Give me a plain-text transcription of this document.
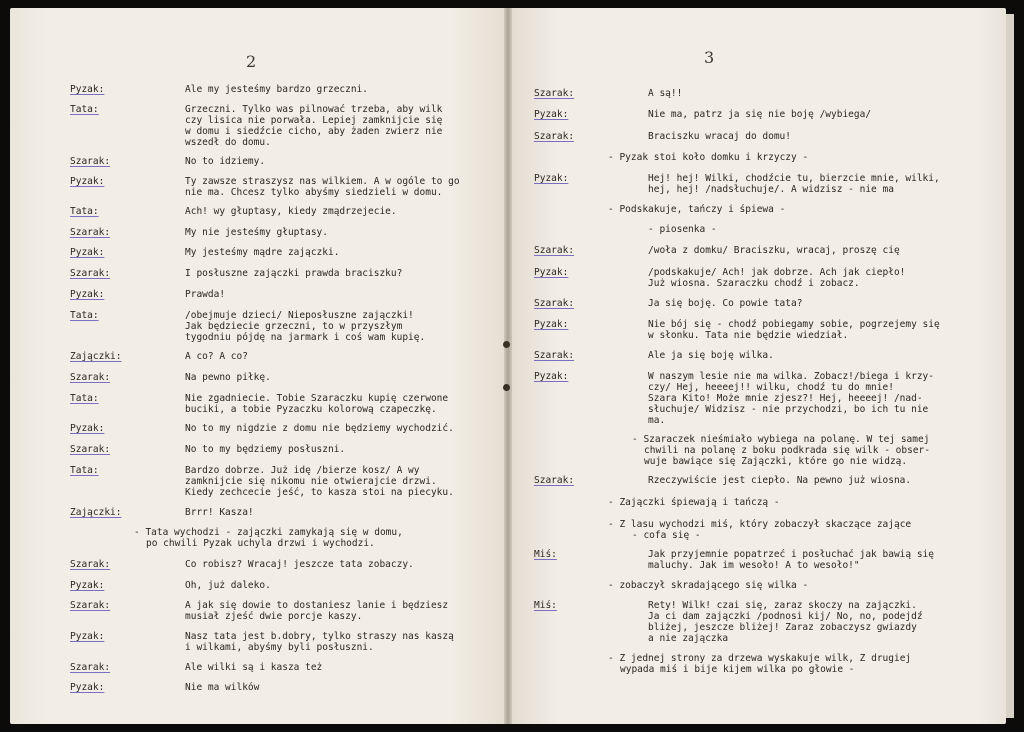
2
Pyzak:	Ale my jesteśmy bardzo grzeczni.
Tata:	Grzeczni. Tylko was pilnować trzeba, aby wilk
czy lisica nie porwała. Lepiej zamknijcie się
w domu i siedźcie cicho, aby żaden zwierz nie
wszedł do domu.
Szarak:	No to idziemy.
Pyzak:	Ty zawsze straszysz nas wilkiem. A w ogóle to go
nie ma. Chcesz tylko abyśmy siedzieli w domu.
Tata:	Ach! wy głuptasy, kiedy zmądrzejecie.
Szarak:	My nie jesteśmy głuptasy.
Pyzak:	My jesteśmy mądre zajączki.
Szarak:	I posłuszne zajączki prawda braciszku?
Pyzak:	Prawda!
Tata:	/obejmuje dzieci/ Nieposłuszne zajączki!
Jak będziecie grzeczni, to w przyszłym
tygodniu pójdę na jarmark i coś wam kupię.
Zajączki:	A co? A co?
Szarak:	Na pewno piłkę.
Tata:	Nie zgadniecie. Tobie Szaraczku kupię czerwone
buciki, a tobie Pyzaczku kolorową czapeczkę.
Pyzak:	No to my nigdzie z domu nie będziemy wychodzić.
Szarak:	No to my będziemy posłuszni.
Tata:	Bardzo dobrze. Już idę /bierze kosz/ A wy
zamknijcie się nikomu nie otwierajcie drzwi.
Kiedy zechcecie jeść, to kasza stoi na piecyku.
Zajączki:	Brrr! Kasza!
- Tata wychodzi - zajączki zamykają się w domu,
po chwili Pyzak uchyla drzwi i wychodzi.
Szarak:	Co robisz? Wracaj! jeszcze tata zobaczy.
Pyzak:	Oh, już daleko.
Szarak:	A jak się dowie to dostaniesz lanie i będziesz
musiał zjeść dwie porcje kaszy.
Pyzak:	Nasz tata jest b.dobry, tylko straszy nas kaszą
i wilkami, abyśmy byli posłuszni.
Szarak:	Ale wilki są i kasza też
Pyzak:	Nie ma wilków
3
Szarak:	A są!!
Pyzak:	Nie ma, patrz ja się nie boję /wybiega/
Szarak:	Braciszku wracaj do domu!
- Pyzak stoi koło domku i krzyczy -
Pyzak:	Hej! hej! Wilki, chodźcie tu, bierzcie mnie, wilki,
hej, hej! /nadsłuchuje/. A widzisz - nie ma
- Podskakuje, tańczy i śpiewa -
- piosenka -
Szarak:	/woła z domku/ Braciszku, wracaj, proszę cię
Pyzak:	/podskakuje/ Ach! jak dobrze. Ach jak ciepło!
Już wiosna. Szaraczku chodź i zobacz.
Szarak:	Ja się boję. Co powie tata?
Pyzak:	Nie bój się - chodź pobiegamy sobie, pogrzejemy się
w słonku. Tata nie będzie wiedział.
Szarak:	Ale ja się boję wilka.
Pyzak:	W naszym lesie nie ma wilka. Zobacz!/biega i krzy-
czy/ Hej, heeeej!! wilku, chodź tu do mnie!
Szara Kito! Może mnie zjesz?! Hej, heeeej! /nad-
słuchuje/ Widzisz - nie przychodzi, bo ich tu nie
ma.
- Szaraczek nieśmiało wybiega na polanę. W tej samej
chwili na polanę z boku podkrada się wilk - obser-
wuje bawiące się Zajączki, które go nie widzą.
Szarak:	Rzeczywiście jest ciepło. Na pewno już wiosna.
- Zajączki śpiewają i tańczą -
- Z lasu wychodzi miś, który zobaczył skaczące zające
- cofa się -
Miś:	Jak przyjemnie popatrzeć i posłuchać jak bawią się
maluchy. Jak im wesoło! A to wesoło!"
- zobaczył skradającego się wilka -
Miś:	Rety! Wilk! czai się, zaraz skoczy na zajączki.
Ja ci dam zajączki /podnosi kij/ No, no, podejdź
bliżej, jeszcze bliżej! Zaraz zobaczysz gwiazdy
a nie zajączka
- Z jednej strony za drzewa wyskakuje wilk, Z drugiej
wypada miś i bije kijem wilka po głowie -
